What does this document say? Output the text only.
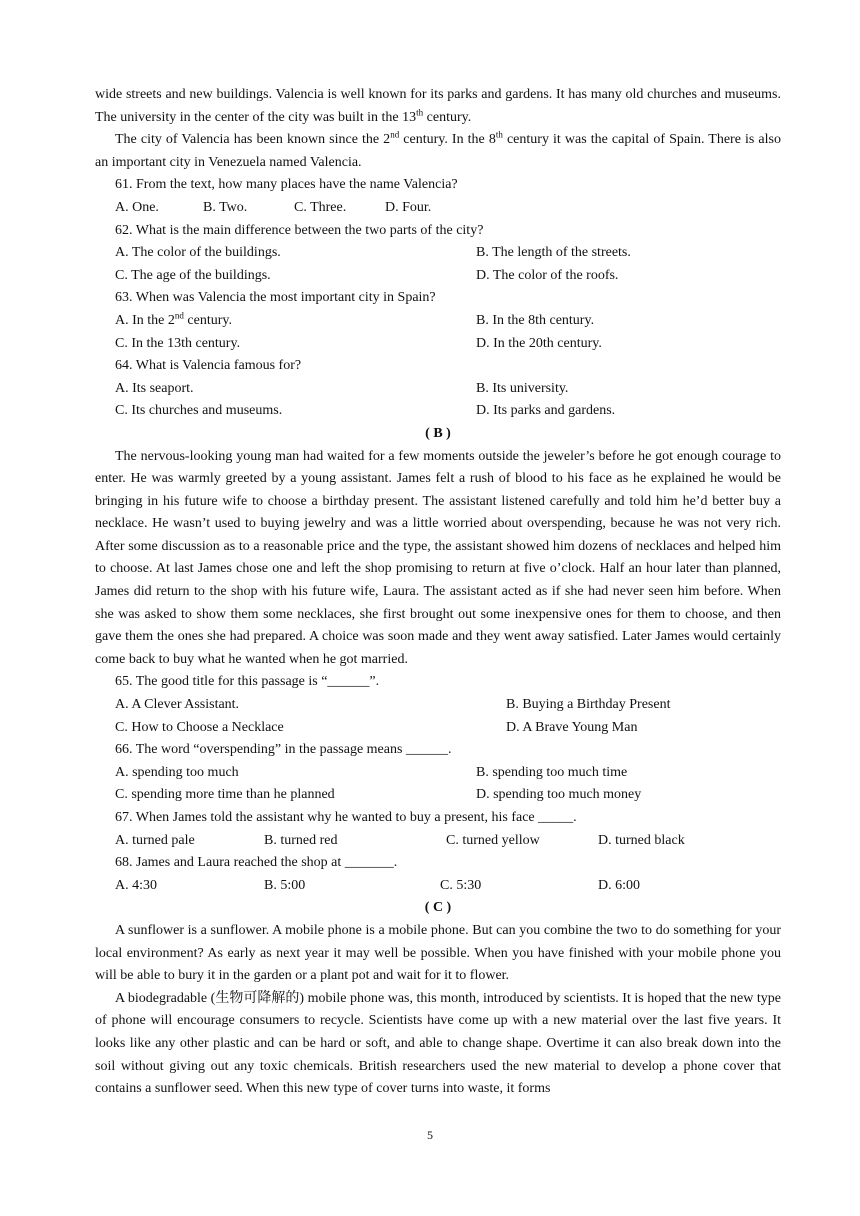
wide streets and new buildings. Valencia is well known for its parks and gardens. It has many old churches and museums. The university in the center of the city was built in the 13th century.

The city of Valencia has been known since the 2nd century. In the 8th century it was the capital of Spain. There is also an important city in Venezuela named Valencia.

61. From the text, how many places have the name Valencia?

A. One.	B. Two.	C. Three.	D. Four.

62. What is the main difference between the two parts of the city?

A. The color of the buildings.	B. The length of the streets.
C. The age of the buildings.	D. The color of the roofs.

63. When was Valencia the most important city in Spain?

A. In the 2nd century.	B. In the 8th century.
C. In the 13th century.	D. In the 20th century.

64. What is Valencia famous for?

A. Its seaport.	B. Its university.
C. Its churches and museums.	D. Its parks and gardens.

( B )

The nervous-looking young man had waited for a few moments outside the jeweler’s before he got enough courage to enter. He was warmly greeted by a young assistant. James felt a rush of blood to his face as he explained he would be bringing in his future wife to choose a birthday present. The assistant listened carefully and told him he’d better buy a necklace. He wasn’t used to buying jewelry and was a little worried about overspending, because he was not very rich. After some discussion as to a reasonable price and the type, the assistant showed him dozens of necklaces and helped him to choose. At last James chose one and left the shop promising to return at five o’clock. Half an hour later than planned, James did return to the shop with his future wife, Laura. The assistant acted as if she had never seen him before. When she was asked to show them some necklaces, she first brought out some inexpensive ones for them to choose, and then gave them the ones she had prepared. A choice was soon made and they went away satisfied. Later James would certainly come back to buy what he wanted when he got married.

65. The good title for this passage is “______”.

A. A Clever Assistant.	B. Buying a Birthday Present
C. How to Choose a Necklace	D. A Brave Young Man

66. The word “overspending” in the passage means ______.

A. spending too much	B. spending too much time
C. spending more time than he planned	D. spending too much money

67. When James told the assistant why he wanted to buy a present, his face _____.

A. turned pale	B. turned red	C. turned yellow	D. turned black

68. James and Laura reached the shop at _______.

A. 4:30	B. 5:00	C. 5:30	D. 6:00

( C )

A sunflower is a sunflower. A mobile phone is a mobile phone. But can you combine the two to do something for your local environment? As early as next year it may well be possible. When you have finished with your mobile phone you will be able to bury it in the garden or a plant pot and wait for it to flower.

A biodegradable (生物可降解的) mobile phone was, this month, introduced by scientists. It is hoped that the new type of phone will encourage consumers to recycle. Scientists have come up with a new material over the last five years. It looks like any other plastic and can be hard or soft, and able to change shape. Overtime it can also break down into the soil without giving out any toxic chemicals. British researchers used the new material to develop a phone cover that contains a sunflower seed. When this new type of cover turns into waste, it forms

5
